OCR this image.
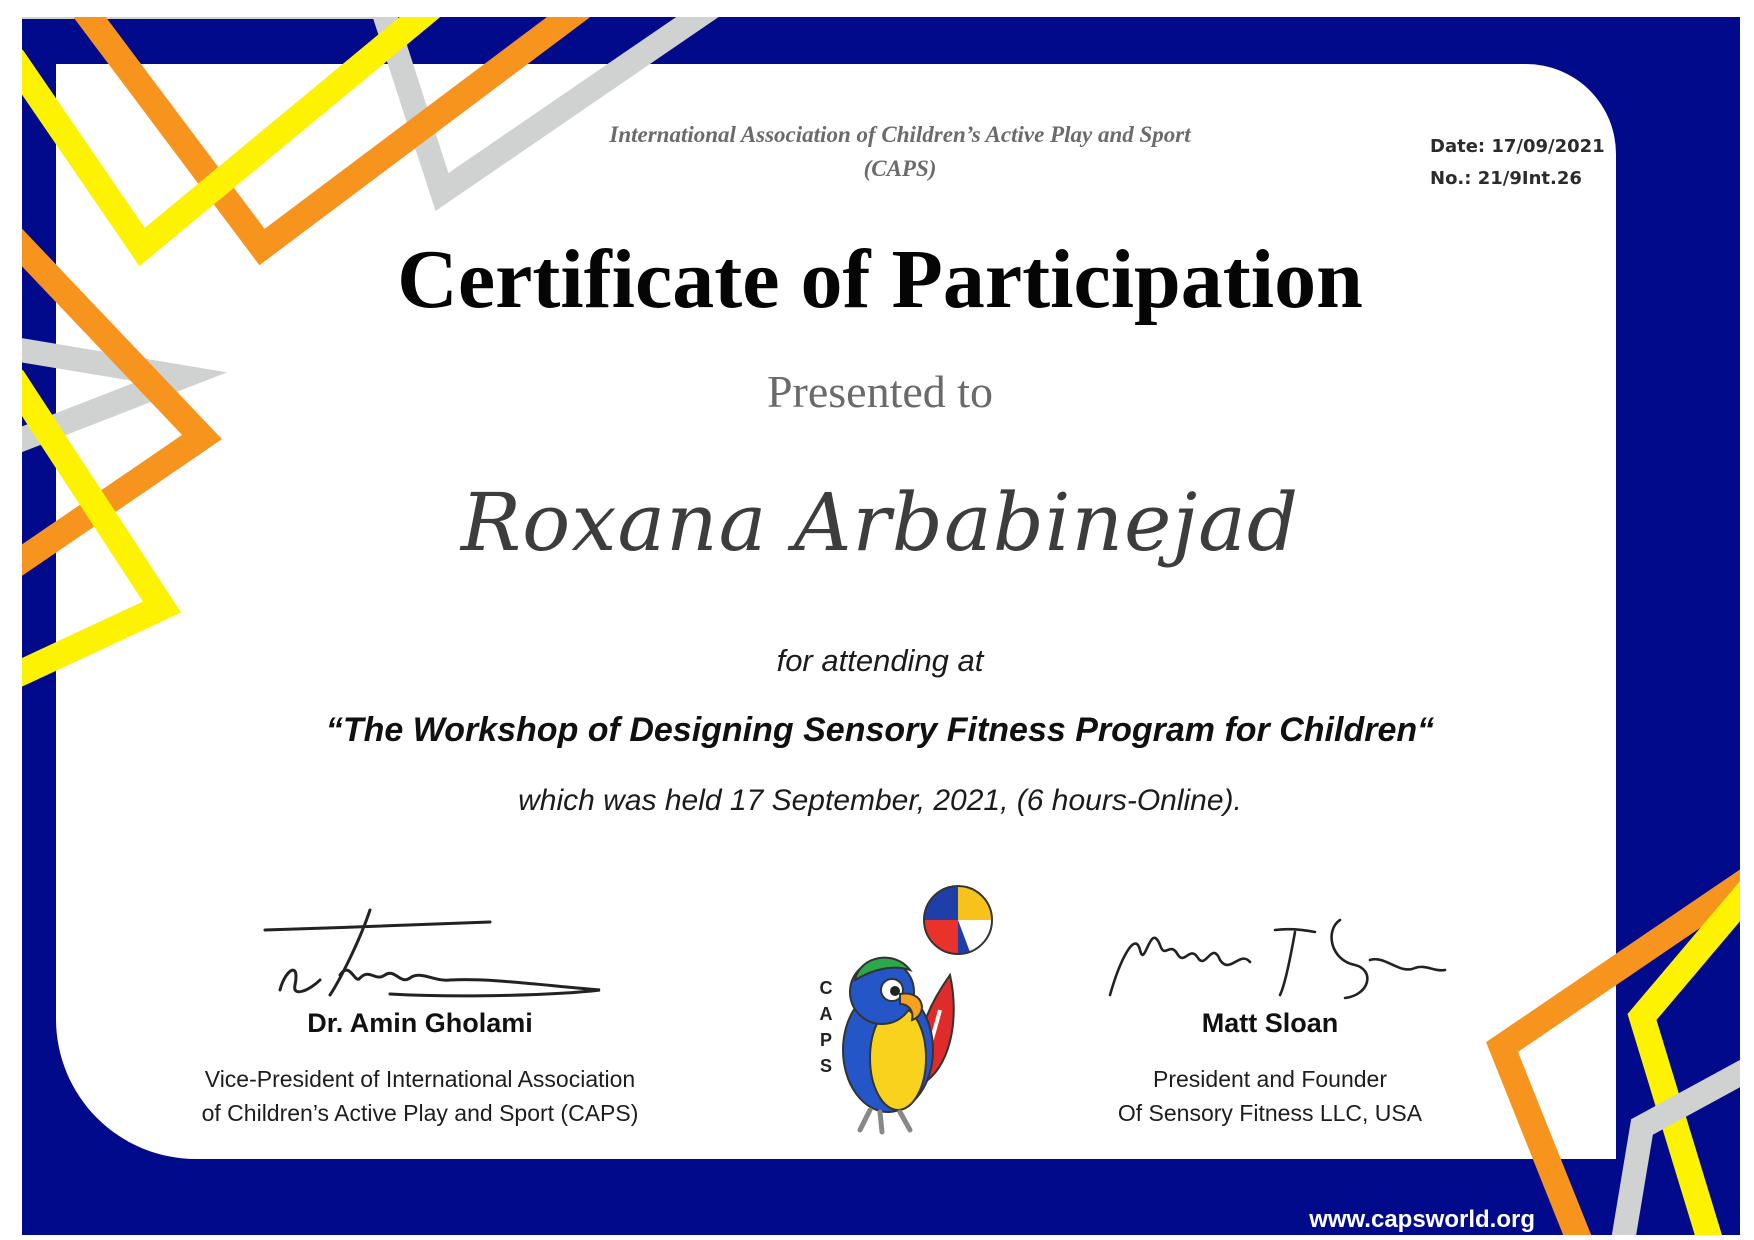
www.capsworld.org

International Association of Children’s Active Play and Sport
(CAPS)
Date: 17/09/2021
No.: 21/9Int.26
Certificate of Participation

Presented to

Roxana Arbabinejad

for attending at

“The Workshop of Designing Sensory Fitness Program for Children“

which was held 17 September, 2021, (6 hours-Online).

Dr. Amin Gholami

Vice-President of International Association

of Children’s Active Play and Sport (CAPS)

Matt Sloan

President and Founder

Of Sensory Fitness LLC, USA

C
A
P
S
